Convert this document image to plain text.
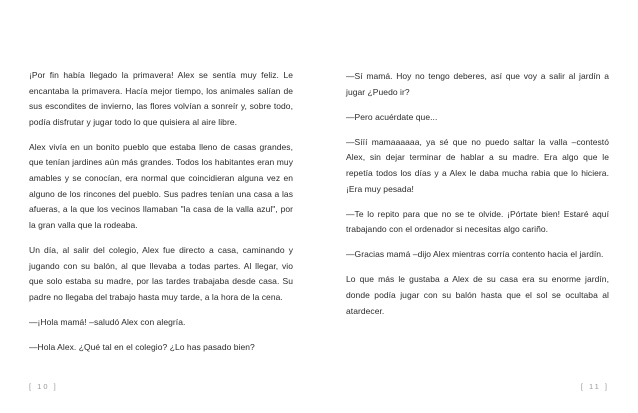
¡Por fin había llegado la primavera! Alex se sentía muy feliz. Le encantaba la primavera. Hacía mejor tiempo, los animales salían de sus escondites de invierno, las flores volvían a sonreír y, sobre todo, podía disfrutar y jugar todo lo que quisiera al aire libre.

Alex vivía en un bonito pueblo que estaba lleno de casas grandes, que tenían jardines aún más grandes. Todos los habitantes eran muy amables y se conocían, era normal que coincidieran alguna vez en alguno de los rincones del pueblo. Sus padres tenían una casa a las afueras, a la que los vecinos llamaban "la casa de la valla azul", por la gran valla que la rodeaba.

Un día, al salir del colegio, Alex fue directo a casa, caminando y jugando con su balón, al que llevaba a todas partes. Al llegar, vio que solo estaba su madre, por las tardes trabajaba desde casa. Su padre no llegaba del trabajo hasta muy tarde, a la hora de la cena.

—¡Hola mamá! –saludó Alex con alegría.

—Hola Alex. ¿Qué tal en el colegio? ¿Lo has pasado bien?

—Sí mamá. Hoy no tengo deberes, así que voy a salir al jardín a jugar ¿Puedo ir?

—Pero acuérdate que...

—Sííí mamaaaaaa, ya sé que no puedo saltar la valla –contestó Alex, sin dejar terminar de hablar a su madre. Era algo que le repetía todos los días y a Alex le daba mucha rabia que lo hiciera. ¡Era muy pesada!

—Te lo repito para que no se te olvide. ¡Pórtate bien! Estaré aquí trabajando con el ordenador si necesitas algo cariño.

—Gracias mamá –dijo Alex mientras corría contento hacia el jardín.

Lo que más le gustaba a Alex de su casa era su enorme jardín, donde podía jugar con su balón hasta que el sol se ocultaba al atardecer.

[ 10 ]	[ 11 ]
